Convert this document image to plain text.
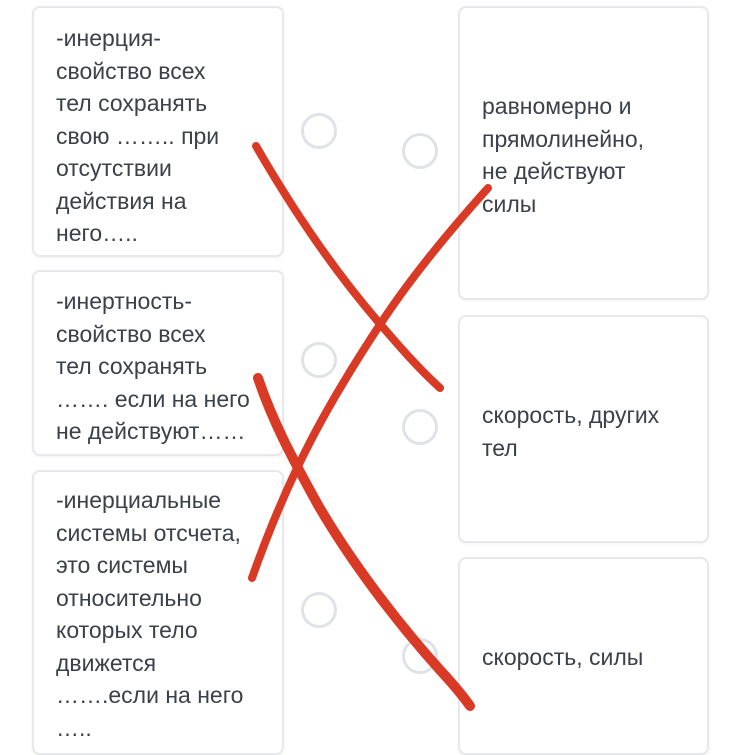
-инерция-
свойство всех
тел сохранять
свою …….. при
отсутствии
действия на
него…..
-инертность-
свойство всех
тел сохранять
……. если на него
не действуют……
-инерциальные
системы отсчета,
это системы
относительно
которых тело
движется
…….если на него
…..
равномерно и
прямолинейно,
не действуют
силы
скорость, других
тел
скорость, силы
